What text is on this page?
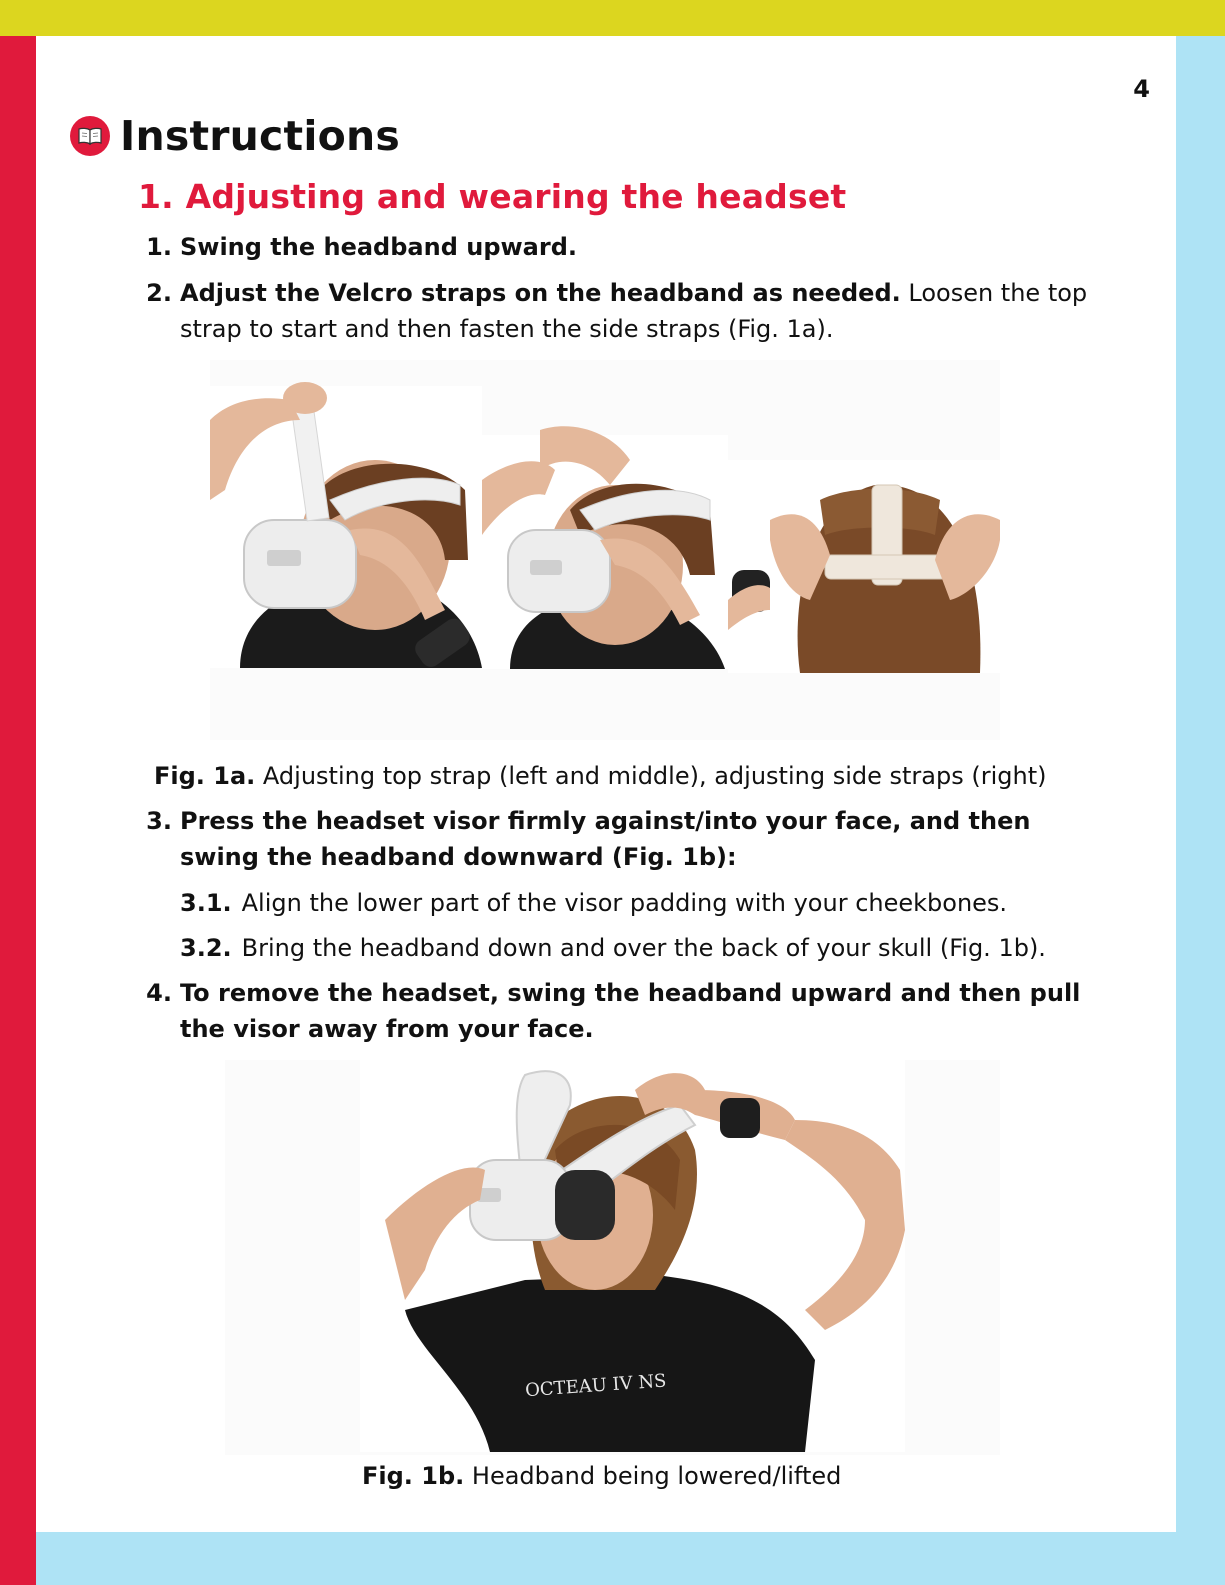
4
Instructions
1. Adjusting and wearing the headset
1. Swing the headband upward.
2. Adjust the Velcro straps on the headband as needed. Loosen the top strap to start and then fasten the side straps (Fig. 1a).
Fig. 1a. Adjusting top strap (left and middle), adjusting side straps (right)
3. Press the headset visor firmly against/into your face, and then swing the headband downward (Fig. 1b):
3.1. Align the lower part of the visor padding with your cheekbones.
3.2. Bring the headband down and over the back of your skull (Fig. 1b).
4. To remove the headset, swing the headband upward and then pull the visor away from your face.
OCTEAU IV NS
Fig. 1b. Headband being lowered/lifted
